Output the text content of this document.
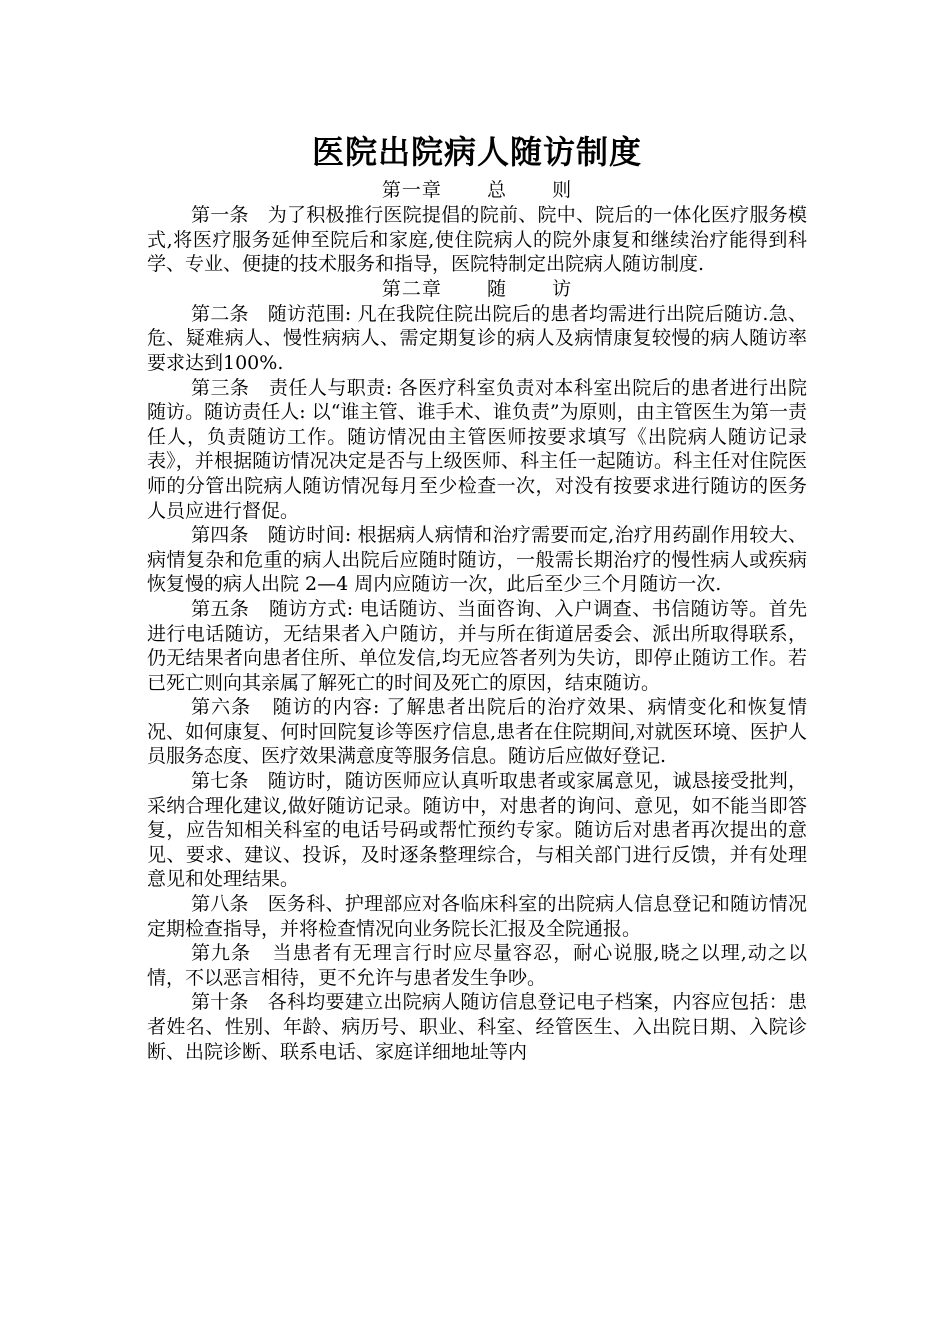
医院出院病人随访制度
第一章   总   则

第一条 为了积极推行医院提倡的院前、院中、院后的一体化医疗服务模式,将医疗服务延伸至院后和家庭,使住院病人的院外康复和继续治疗能得到科学、专业、便捷的技术服务和指导，医院特制定出院病人随访制度.

第二章   随   访

第二条 随访范围: 凡在我院住院出院后的患者均需进行出院后随访.急、危、疑难病人、慢性病病人、需定期复诊的病人及病情康复较慢的病人随访率要求达到100%.

第三条 责任人与职责: 各医疗科室负责对本科室出院后的患者进行出院随访。随访责任人: 以“谁主管、谁手术、谁负责”为原则，由主管医生为第一责任人，负责随访工作。随访情况由主管医师按要求填写《出院病人随访记录表》，并根据随访情况决定是否与上级医师、科主任一起随访。科主任对住院医师的分管出院病人随访情况每月至少检查一次，对没有按要求进行随访的医务人员应进行督促。

第四条 随访时间: 根据病人病情和治疗需要而定,治疗用药副作用较大、病情复杂和危重的病人出院后应随时随访，一般需长期治疗的慢性病人或疾病恢复慢的病人出院 2—4 周内应随访一次，此后至少三个月随访一次.

第五条 随访方式: 电话随访、当面咨询、入户调查、书信随访等。首先进行电话随访，无结果者入户随访，并与所在街道居委会、派出所取得联系，仍无结果者向患者住所、单位发信,均无应答者列为失访，即停止随访工作。若已死亡则向其亲属了解死亡的时间及死亡的原因，结束随访。

第六条 随访的内容: 了解患者出院后的治疗效果、病情变化和恢复情况、如何康复、何时回院复诊等医疗信息,患者在住院期间,对就医环境、医护人员服务态度、医疗效果满意度等服务信息。随访后应做好登记.

第七条 随访时，随访医师应认真听取患者或家属意见，诚恳接受批判，采纳合理化建议,做好随访记录。随访中，对患者的询问、意见，如不能当即答复，应告知相关科室的电话号码或帮忙预约专家。随访后对患者再次提出的意见、要求、建议、投诉，及时逐条整理综合，与相关部门进行反馈，并有处理意见和处理结果。

第八条 医务科、护理部应对各临床科室的出院病人信息登记和随访情况定期检查指导，并将检查情况向业务院长汇报及全院通报。

第九条 当患者有无理言行时应尽量容忍，耐心说服,晓之以理,动之以情，不以恶言相待，更不允许与患者发生争吵。

第十条 各科均要建立出院病人随访信息登记电子档案，内容应包括：患者姓名、性别、年龄、病历号、职业、科室、经管医生、入出院日期、入院诊断、出院诊断、联系电话、家庭详细地址等内
